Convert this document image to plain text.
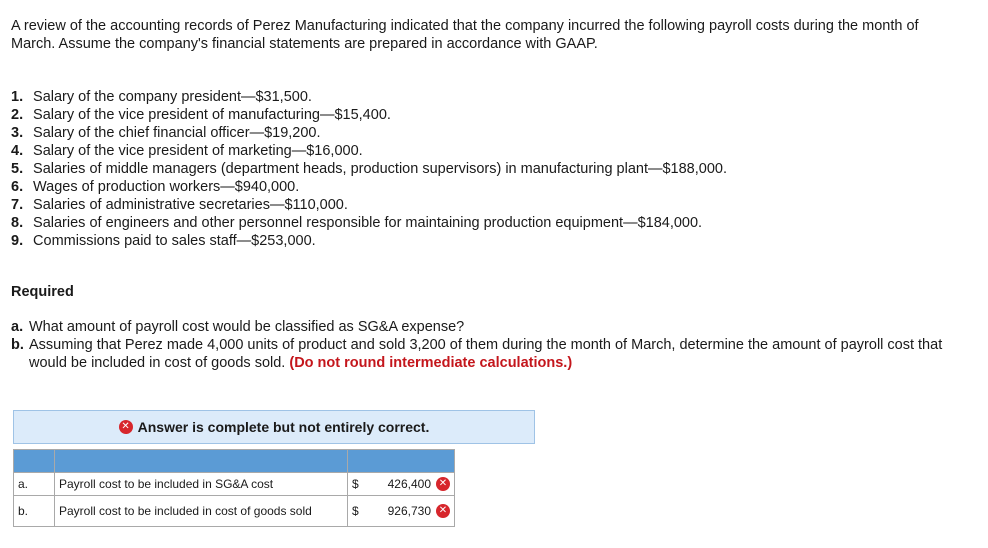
A review of the accounting records of Perez Manufacturing indicated that the company incurred the following payroll costs during the month of March. Assume the company's financial statements are prepared in accordance with GAAP.

1. Salary of the company president—$31,500.
2. Salary of the vice president of manufacturing—$15,400.
3. Salary of the chief financial officer—$19,200.
4. Salary of the vice president of marketing—$16,000.
5. Salaries of middle managers (department heads, production supervisors) in manufacturing plant—$188,000.
6. Wages of production workers—$940,000.
7. Salaries of administrative secretaries—$110,000.
8. Salaries of engineers and other personnel responsible for maintaining production equipment—$184,000.
9. Commissions paid to sales staff—$253,000.

Required

a. What amount of payroll cost would be classified as SG&A expense?
b. Assuming that Perez made 4,000 units of product and sold 3,200 of them during the month of March, determine the amount of payroll cost that would be included in cost of goods sold. (Do not round intermediate calculations.)
✕ Answer is complete but not entirely correct.

a.	Payroll cost to be included in SG&A cost	$	426,400 ✕

b.	Payroll cost to be included in cost of goods sold	$	926,730 ✕
